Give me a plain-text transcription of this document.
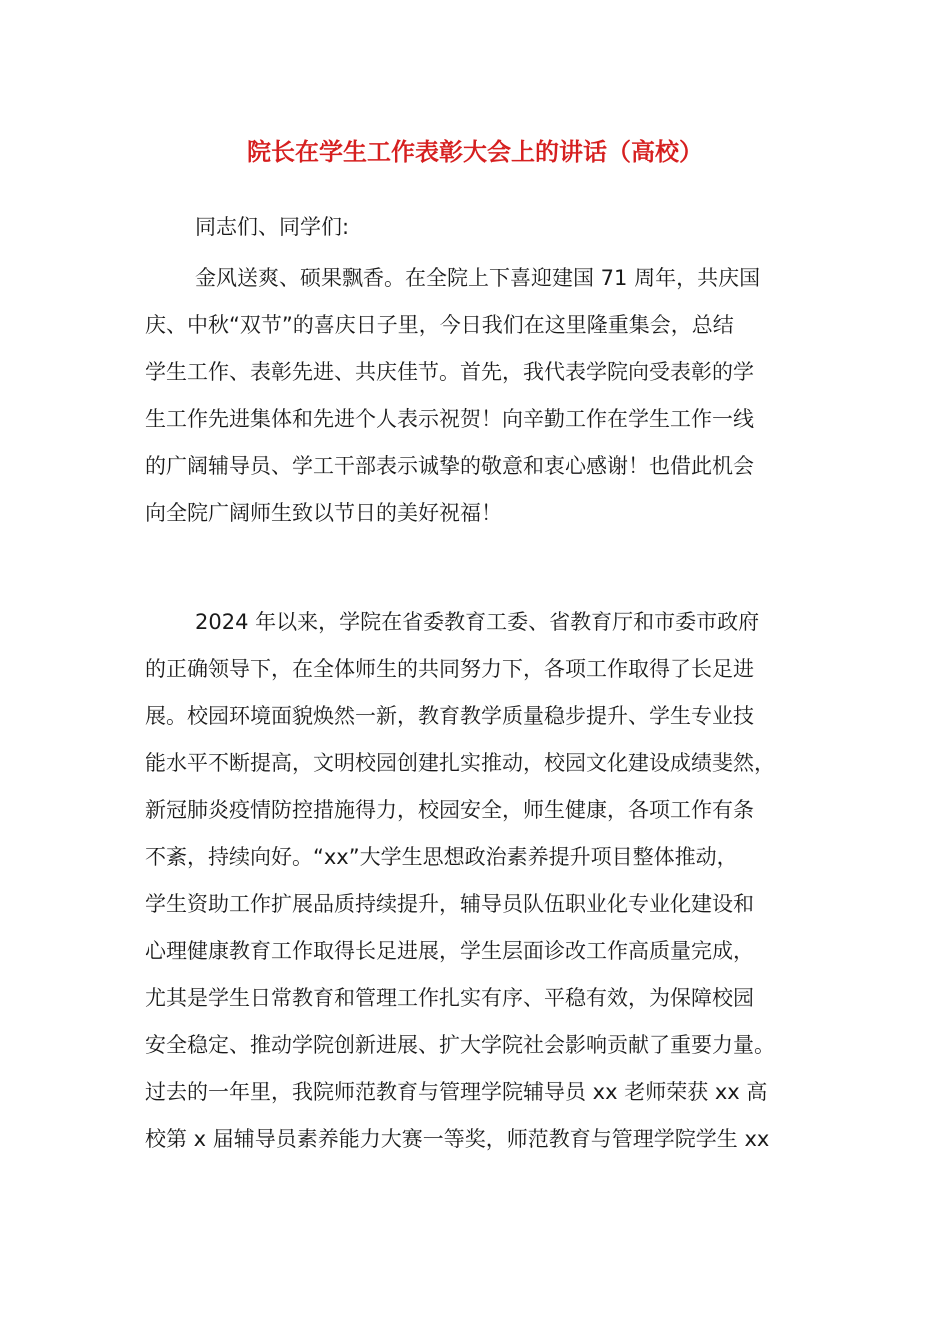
院长在学生工作表彰大会上的讲话（高校）

同志们、同学们:

金风送爽、硕果飘香。在全院上下喜迎建国 71 周年，共庆国
庆、中秋“双节”的喜庆日子里，今日我们在这里隆重集会，总结
学生工作、表彰先进、共庆佳节。首先，我代表学院向受表彰的学
生工作先进集体和先进个人表示祝贺！向辛勤工作在学生工作一线
的广阔辅导员、学工干部表示诚挚的敬意和衷心感谢！也借此机会
向全院广阔师生致以节日的美好祝福！

2024 年以来，学院在省委教育工委、省教育厅和市委市政府
的正确领导下，在全体师生的共同努力下，各项工作取得了长足进
展。校园环境面貌焕然一新，教育教学质量稳步提升、学生专业技
能水平不断提高，文明校园创建扎实推动，校园文化建设成绩斐然，
新冠肺炎疫情防控措施得力，校园安全，师生健康，各项工作有条
不紊，持续向好。“xx”大学生思想政治素养提升项目整体推动，
学生资助工作扩展品质持续提升，辅导员队伍职业化专业化建设和
心理健康教育工作取得长足进展，学生层面诊改工作高质量完成，
尤其是学生日常教育和管理工作扎实有序、平稳有效，为保障校园
安全稳定、推动学院创新进展、扩大学院社会影响贡献了重要力量。
过去的一年里，我院师范教育与管理学院辅导员 xx 老师荣获 xx 高
校第 x 届辅导员素养能力大赛一等奖，师范教育与管理学院学生 xx
